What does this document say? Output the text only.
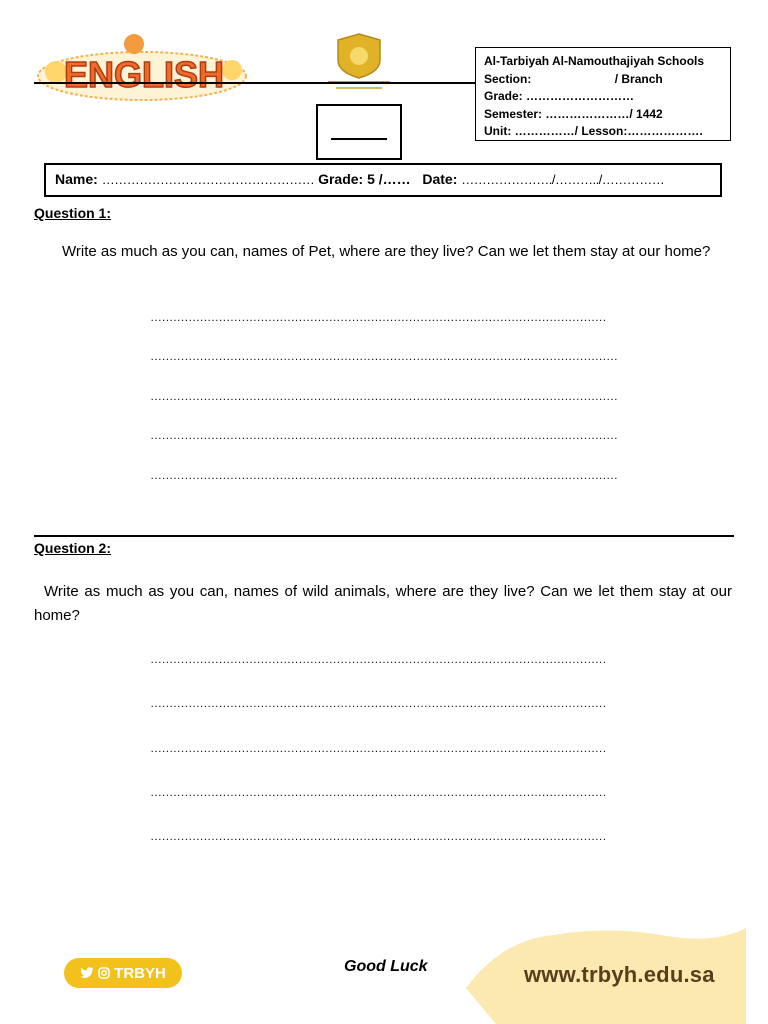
ENGLISH	Al-Tarbiyah Al-Namouthajiyah Schools
Section:                         / Branch
Grade: ………………………
Semester: …………………/ 1442
Unit: ……………/ Lesson:……………….
Name: …………………………………………… Grade: 5 /…… Date: …………………./………../……………
Question 1:
Write as much as you can, names of Pet, where are they live? Can we let them stay at our home?
…………………………………………………………………………………………………………
……………………………………………………………………………………………………………
……………………………………………………………………………………………………………
……………………………………………………………………………………………………………
……………………………………………………………………………………………………………
Question 2:
Write as much as you can, names of wild animals, where are they live? Can we let them stay at our home?
…………………………………………………………………………………………………………
…………………………………………………………………………………………………………
…………………………………………………………………………………………………………
…………………………………………………………………………………………………………
…………………………………………………………………………………………………………
TRBYH	Good Luck	www.trbyh.edu.sa
